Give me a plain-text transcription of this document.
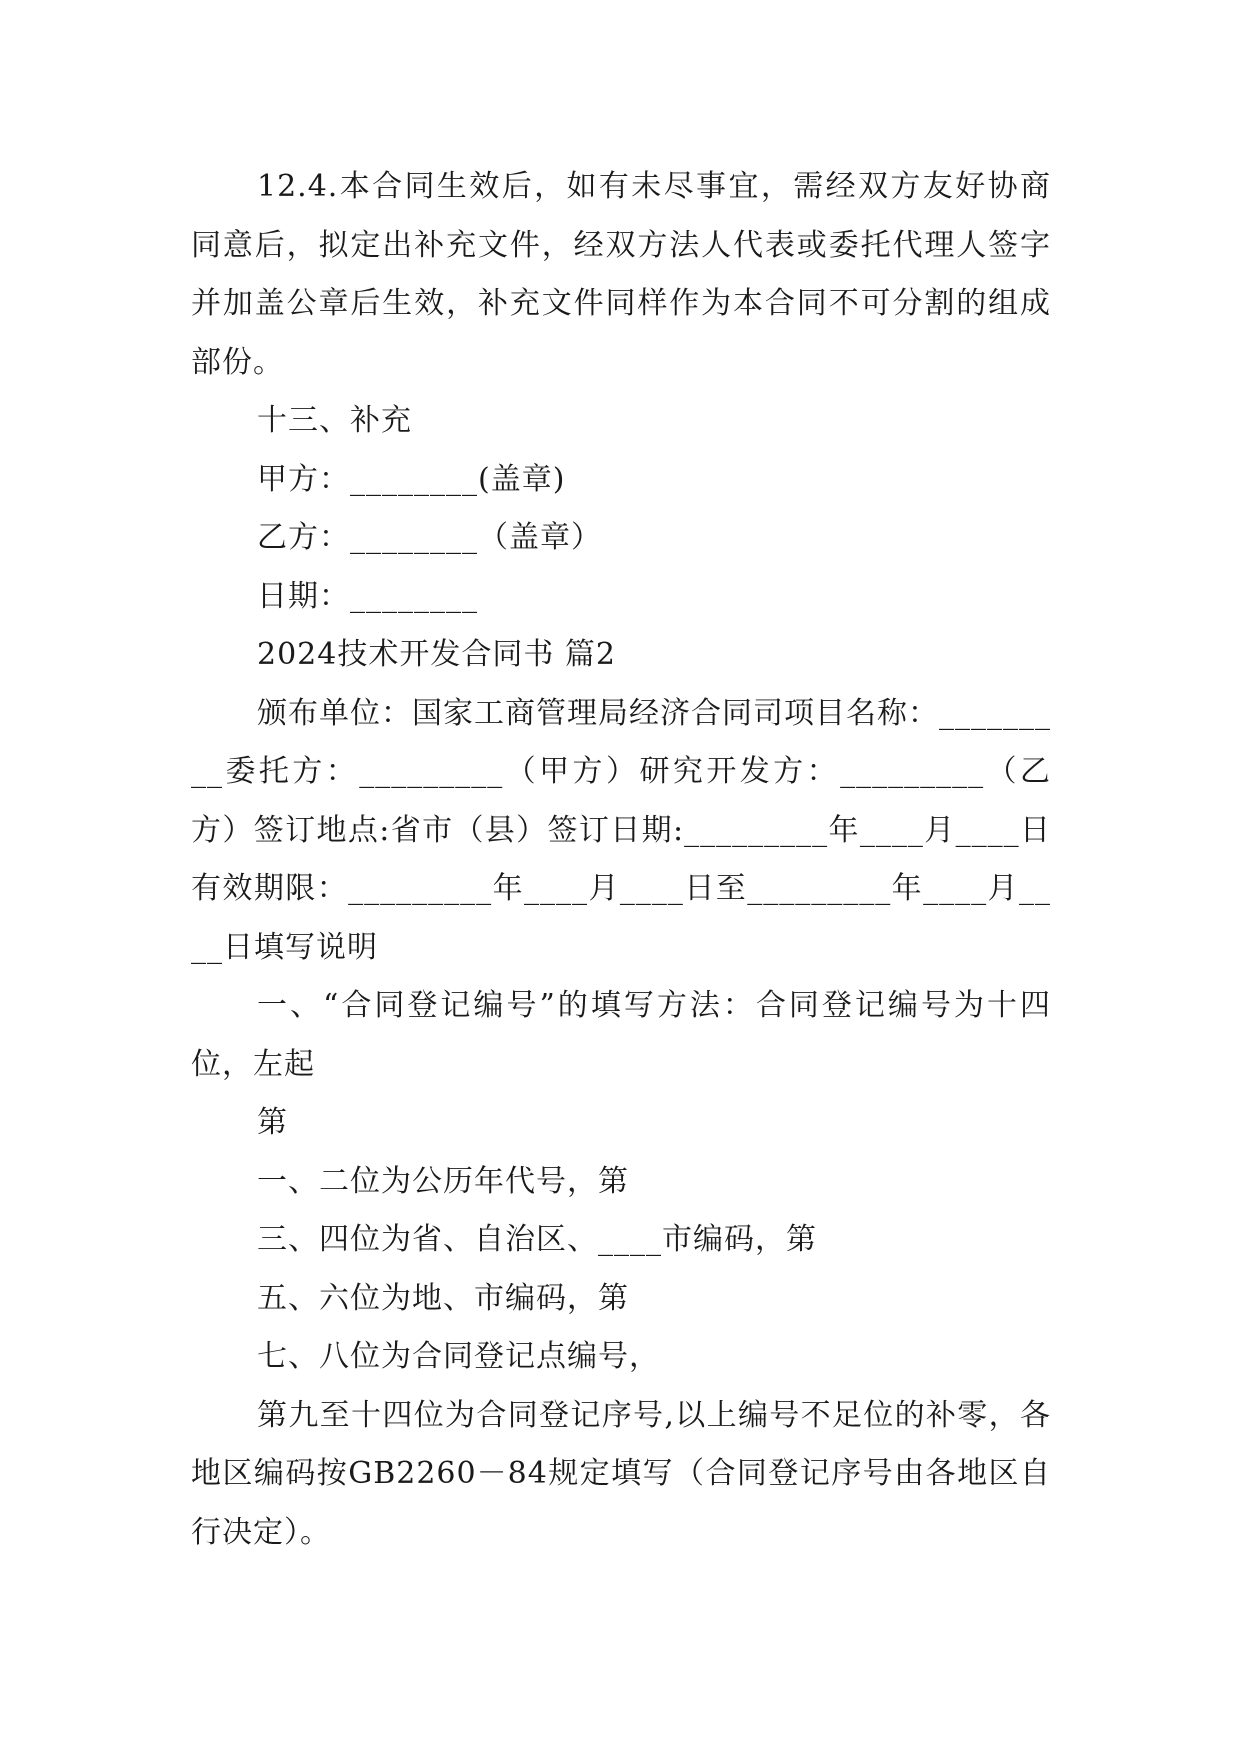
12.4.本合同生效后，如有未尽事宜，需经双方友好协商同意后，拟定出补充文件，经双方法人代表或委托代理人签字并加盖公章后生效，补充文件同样作为本合同不可分割的组成部份。

十三、补充

甲方：________(盖章)

乙方：________（盖章）

日期：________

2024技术开发合同书 篇2

颁布单位：国家工商管理局经济合同司项目名称：_________委托方：_________（甲方）研究开发方：_________（乙方）签订地点:省市（县）签订日期:_________年____月____日有效期限：_________年____月____日至_________年____月____日填写说明

一、“合同登记编号”的填写方法：合同登记编号为十四位，左起

第

一、二位为公历年代号，第

三、四位为省、自治区、____市编码，第

五、六位为地、市编码，第

七、八位为合同登记点编号，

第九至十四位为合同登记序号,以上编号不足位的补零，各地区编码按GB2260－84规定填写（合同登记序号由各地区自行决定）。
